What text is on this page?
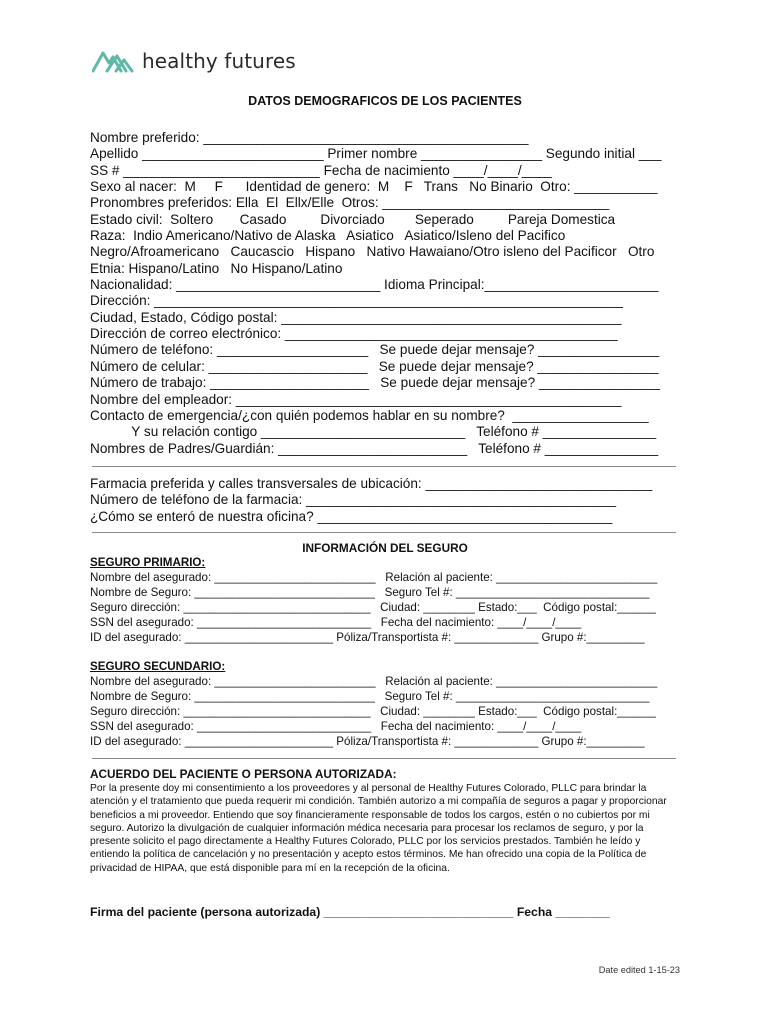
healthy futures
DATOS DEMOGRAFICOS DE LOS PACIENTES
Nombre preferido: ___________________________________________
Apellido ________________________ Primer nombre ________________ Segundo initial ___
SS # __________________________ Fecha de nacimiento ____/____/____
Sexo al nacer:  M     F      Identidad de genero:  M    F   Trans   No Binario  Otro: ___________
Pronombres preferidos: Ella  El  Ellx/Elle  Otros: ______________________________
Estado civil:  Soltero       Casado         Divorciado        Seperado         Pareja Domestica
Raza:  Indio Americano/Nativo de Alaska   Asiatico   Asiatico/Isleno del Pacifico
Negro/Afroamericano   Caucascio   Hispano   Nativo Hawaiano/Otro isleno del Pacificor   Otro
Etnia: Hispano/Latino   No Hispano/Latino
Nacionalidad: ___________________________ Idioma Principal:_______________________
Dirección: ______________________________________________________________
Ciudad, Estado, Código postal: _____________________________________________
Dirección de correo electrónico: ____________________________________________
Número de teléfono: ____________________   Se puede dejar mensaje? ________________
Número de celular: _____________________   Se puede dejar mensaje? ________________
Número de trabajo: _____________________   Se puede dejar mensaje? ________________
Nombre del empleador: ___________________________________________________
Contacto de emergencia/¿con quién podemos hablar en su nombre?  __________________
Y su relación contigo ___________________________   Teléfono # _______________
Nombres de Padres/Guardián: _________________________   Teléfono # _______________
Farmacia preferida y calles transversales de ubicación: ______________________________
Número de teléfono de la farmacia: _________________________________________
¿Cómo se enteró de nuestra oficina? _______________________________________
INFORMACIÓN DEL SEGURO
SEGURO PRIMARIO:
Nombre del asegurado: _________________________   Relación al paciente: _________________________
Nombre de Seguro: ____________________________   Seguro Tel #: ______________________________
Seguro dirección: _____________________________   Ciudad: ________ Estado:___  Código postal:______
SSN del asegurado: ___________________________   Fecha del nacimiento: ____/____/____
ID del asegurado: _______________________ Póliza/Transportista #: _____________ Grupo #:_________
SEGURO SECUNDARIO:
Nombre del asegurado: _________________________   Relación al paciente: _________________________
Nombre de Seguro: ____________________________   Seguro Tel #: ______________________________
Seguro dirección: _____________________________   Ciudad: ________ Estado:___  Código postal:______
SSN del asegurado: ___________________________   Fecha del nacimiento: ____/____/____
ID del asegurado: _______________________ Póliza/Transportista #: _____________ Grupo #:_________
ACUERDO DEL PACIENTE O PERSONA AUTORIZADA:
Por la presente doy mi consentimiento a los proveedores y al personal de Healthy Futures Colorado, PLLC para brindar la atención y el tratamiento que pueda requerir mi condición. También autorizo a mi compañía de seguros a pagar y proporcionar beneficios a mi proveedor. Entiendo que soy financieramente responsable de todos los cargos, estén o no cubiertos por mi seguro. Autorizo la divulgación de cualquier información médica necesaria para procesar los reclamos de seguro, y por la presente solicito el pago directamente a Healthy Futures Colorado, PLLC por los servicios prestados. También he leído y entiendo la política de cancelación y no presentación y acepto estos términos. Me han ofrecido una copia de la Política de privacidad de HIPAA, que está disponible para mí en la recepción de la oficina.
Firma del paciente (persona autorizada) ____________________________ Fecha ________
Date edited 1-15-23
